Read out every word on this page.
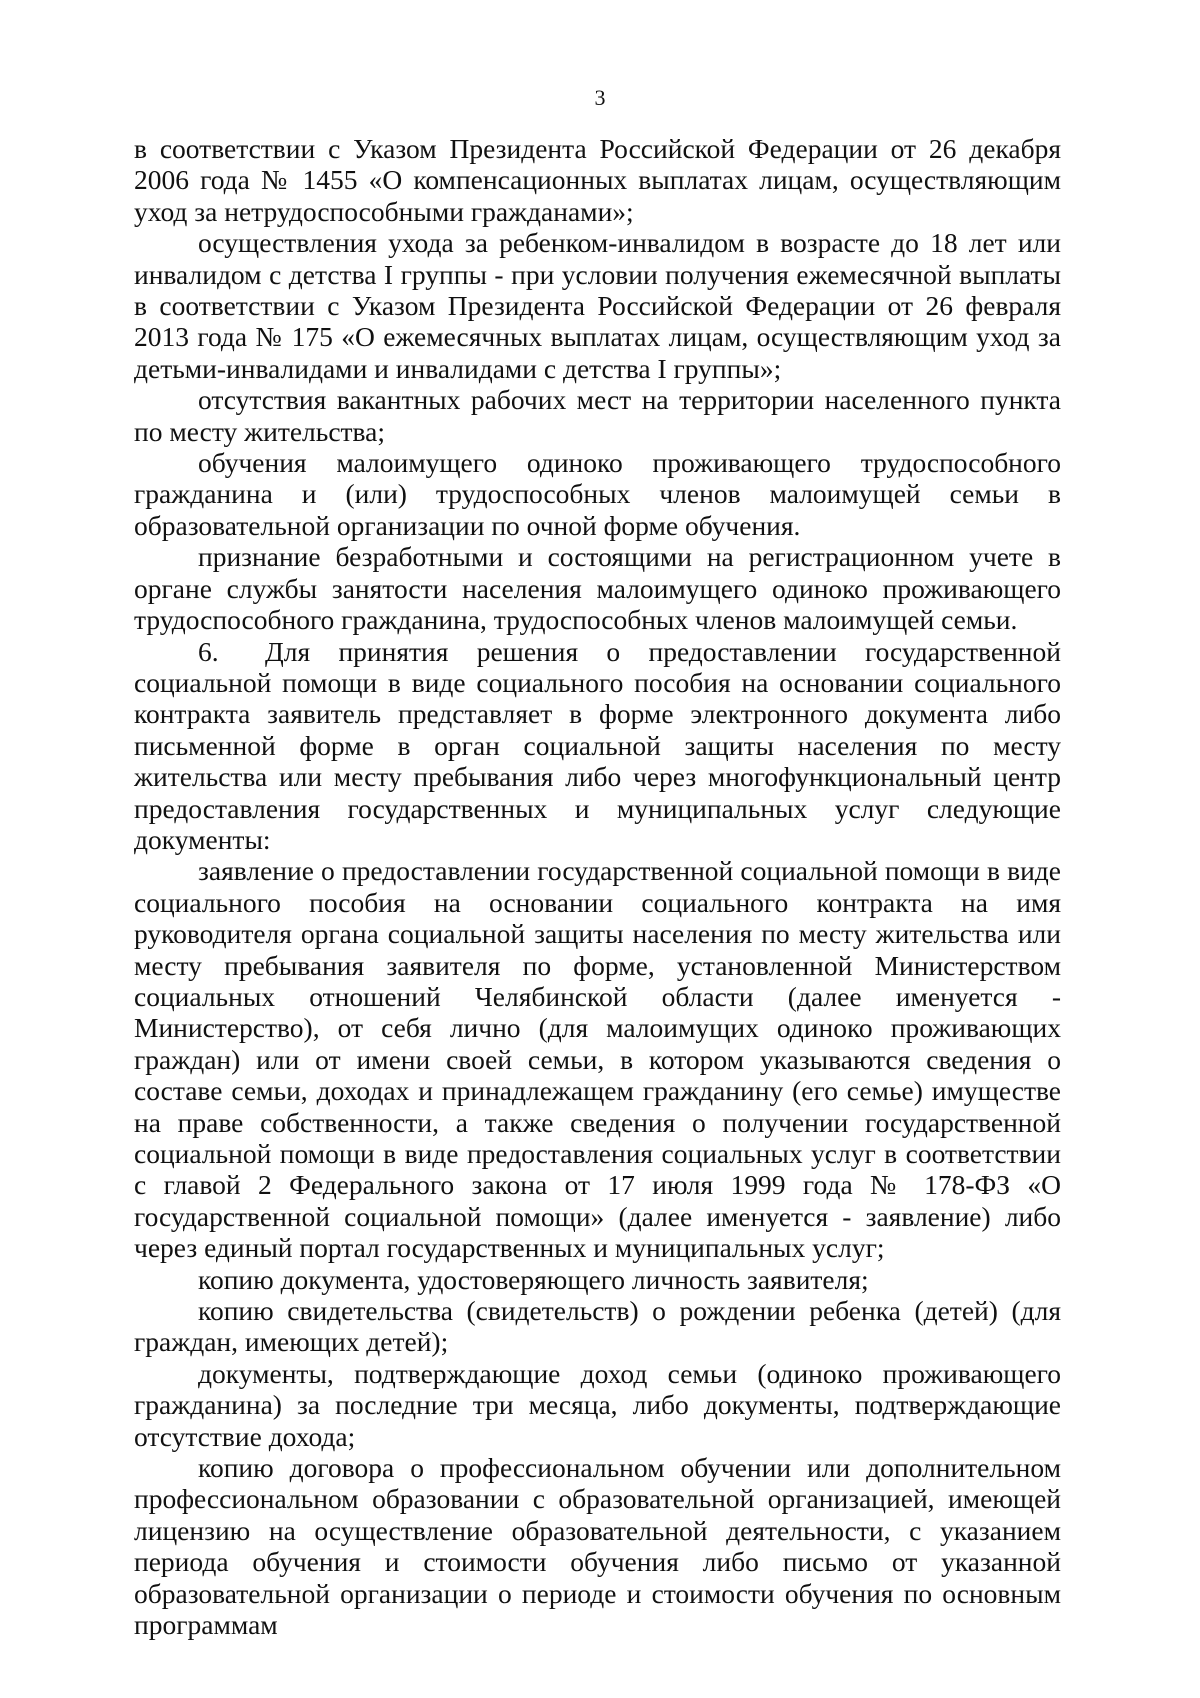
3

в соответствии с Указом Президента Российской Федерации от 26 декабря 2006 года № 1455 «О компенсационных выплатах лицам, осуществляющим уход за нетрудоспособными гражданами»;

осуществления ухода за ребенком-инвалидом в возрасте до 18 лет или инвалидом с детства I группы - при условии получения ежемесячной выплаты в соответствии с Указом Президента Российской Федерации от 26 февраля 2013 года № 175 «О ежемесячных выплатах лицам, осуществляющим уход за детьми-инвалидами и инвалидами с детства I группы»;

отсутствия вакантных рабочих мест на территории населенного пункта по месту жительства;

обучения малоимущего одиноко проживающего трудоспособного гражданина и (или) трудоспособных членов малоимущей семьи в образовательной организации по очной форме обучения.

признание безработными и состоящими на регистрационном учете в органе службы занятости населения малоимущего одиноко проживающего трудоспособного гражданина, трудоспособных членов малоимущей семьи.

6. Для принятия решения о предоставлении государственной социальной помощи в виде социального пособия на основании социального контракта заявитель представляет в форме электронного документа либо письменной форме в орган социальной защиты населения по месту жительства или месту пребывания либо через многофункциональный центр предоставления государственных и муниципальных услуг следующие документы:

заявление о предоставлении государственной социальной помощи в виде социального пособия на основании социального контракта на имя руководителя органа социальной защиты населения по месту жительства или месту пребывания заявителя по форме, установленной Министерством социальных отношений Челябинской области (далее именуется - Министерство), от себя лично (для малоимущих одиноко проживающих граждан) или от имени своей семьи, в котором указываются сведения о составе семьи, доходах и принадлежащем гражданину (его семье) имуществе на праве собственности, а также сведения о получении государственной социальной помощи в виде предоставления социальных услуг в соответствии с главой 2 Федерального закона от 17 июля 1999 года № 178-ФЗ «О государственной социальной помощи» (далее именуется - заявление) либо через единый портал государственных и муниципальных услуг;

копию документа, удостоверяющего личность заявителя;

копию свидетельства (свидетельств) о рождении ребенка (детей) (для граждан, имеющих детей);

документы, подтверждающие доход семьи (одиноко проживающего гражданина) за последние три месяца, либо документы, подтверждающие отсутствие дохода;

копию договора о профессиональном обучении или дополнительном профессиональном образовании с образовательной организацией, имеющей лицензию на осуществление образовательной деятельности, с указанием периода обучения и стоимости обучения либо письмо от указанной образовательной организации о периоде и стоимости обучения по основным программам
